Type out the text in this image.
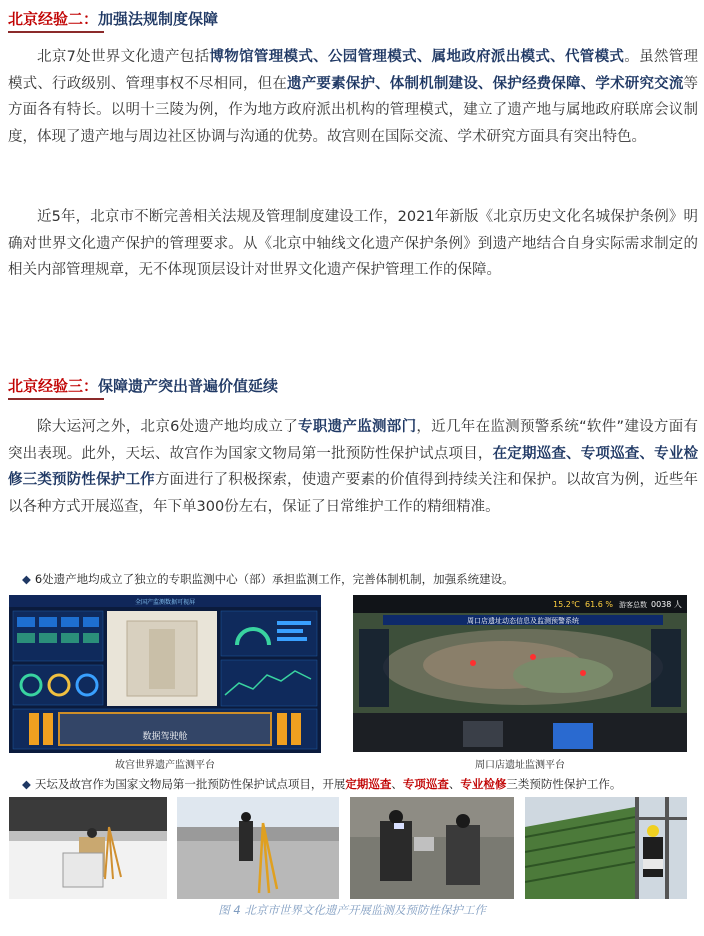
北京经验二：加强法规制度保障
北京7处世界文化遗产包括博物馆管理模式、公园管理模式、属地政府派出模式、代管模式。虽然管理模式、行政级别、管理事权不尽相同，但在遗产要素保护、体制机制建设、保护经费保障、学术研究交流等方面各有特长。以明十三陵为例，作为地方政府派出机构的管理模式，建立了遗产地与属地政府联席会议制度，体现了遗产地与周边社区协调与沟通的优势。故宫则在国际交流、学术研究方面具有突出特色。
近5年，北京市不断完善相关法规及管理制度建设工作，2021年新版《北京历史文化名城保护条例》明确对世界文化遗产保护的管理要求。从《北京中轴线文化遗产保护条例》到遗产地结合自身实际需求制定的相关内部管理规章，无不体现顶层设计对世界文化遗产保护管理工作的保障。
北京经验三：保障遗产突出普遍价值延续
除大运河之外，北京6处遗产地均成立了专职遗产监测部门，近几年在监测预警系统“软件”建设方面有突出表现。此外，天坛、故宫作为国家文物局第一批预防性保护试点项目，在定期巡查、专项巡查、专业检修三类预防性保护工作方面进行了积极探索，使遗产要素的价值得到持续关注和保护。以故宫为例，近些年以各种方式开展巡查，年下单300份左右，保证了日常维护工作的精细精准。
◆ 6处遗产地均成立了独立的专职监测中心（部）承担监测工作，完善体制机制，加强系统建设。
全国产监测数据可视屏
数据驾驶舱
故宫世界遗产监测平台
15.2℃ 61.6 % 游客总数 0038 人
周口店遗址动态信息及监测预警系统
周口店遗址监测平台
◆ 天坛及故宫作为国家文物局第一批预防性保护试点项目，开展定期巡查、专项巡查、专业检修三类预防性保护工作。
图 4 北京市世界文化遗产开展监测及预防性保护工作
